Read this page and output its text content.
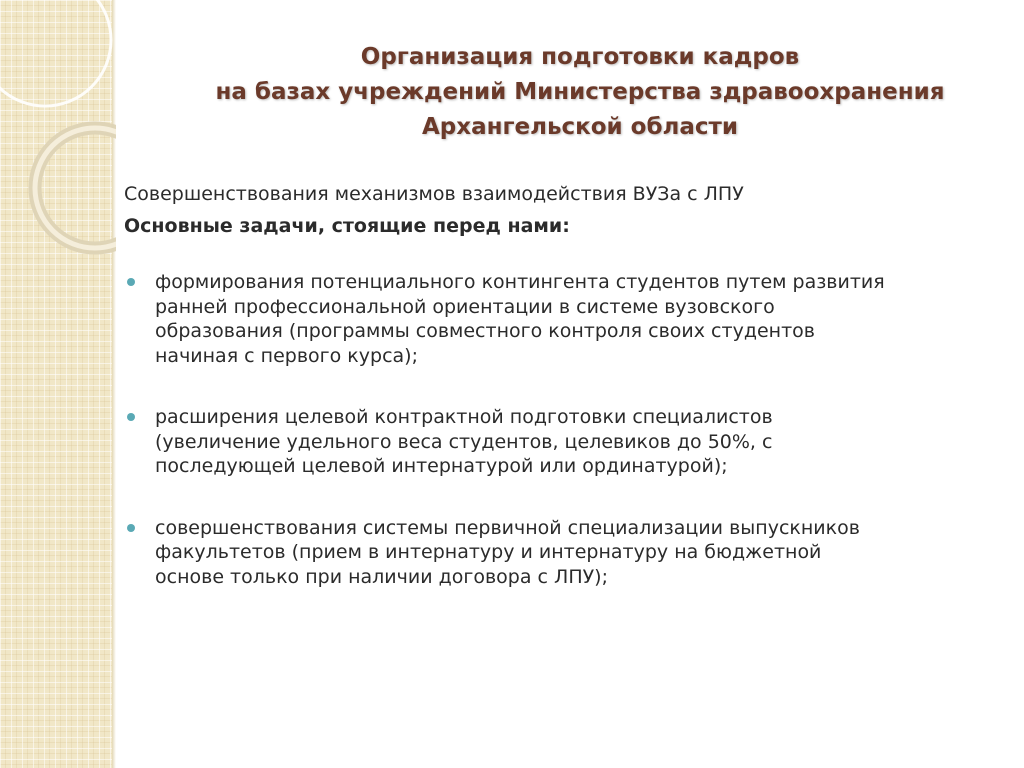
Организация подготовки кадров
на базах учреждений Министерства здравоохранения
Архангельской области

Совершенствования механизмов взаимодействия ВУЗа с ЛПУ

Основные задачи, стоящие перед нами:

формирования потенциального контингента студентов путем развития ранней профессиональной ориентации в системе вузовского образования (программы совместного контроля своих студентов начиная с первого курса);
расширения целевой контрактной подготовки специалистов (увеличение удельного веса студентов, целевиков до 50%, с последующей целевой интернатурой или ординатурой);
совершенствования системы первичной специализации выпускников факультетов (прием в интернатуру и интернатуру на бюджетной основе только при наличии договора с ЛПУ);
